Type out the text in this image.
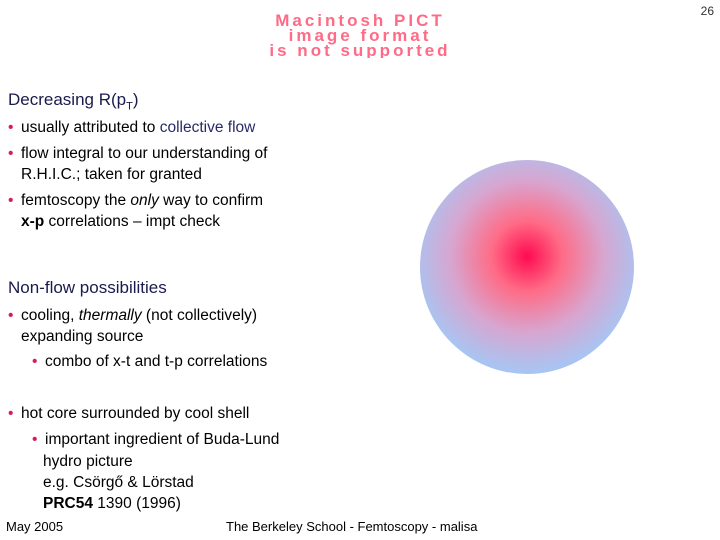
26
Macintosh PICT
image format
is not supported
Decreasing $R(p_T)$
• usually attributed to collective flow
• flow integral to our understanding of
R.H.I.C.; taken for granted
• femtoscopy the only way to confirm
x-p correlations – impt check
Non-flow possibilities
• cooling, thermally (not collectively)
expanding source
• combo of x-t and t-p correlations
• hot core surrounded by cool shell
• important ingredient of Buda-Lund
hydro picture
e.g. Csörgő & Lörstad
PRC54 1390 (1996)
May 2005	The Berkeley School - Femtoscopy - malisa
